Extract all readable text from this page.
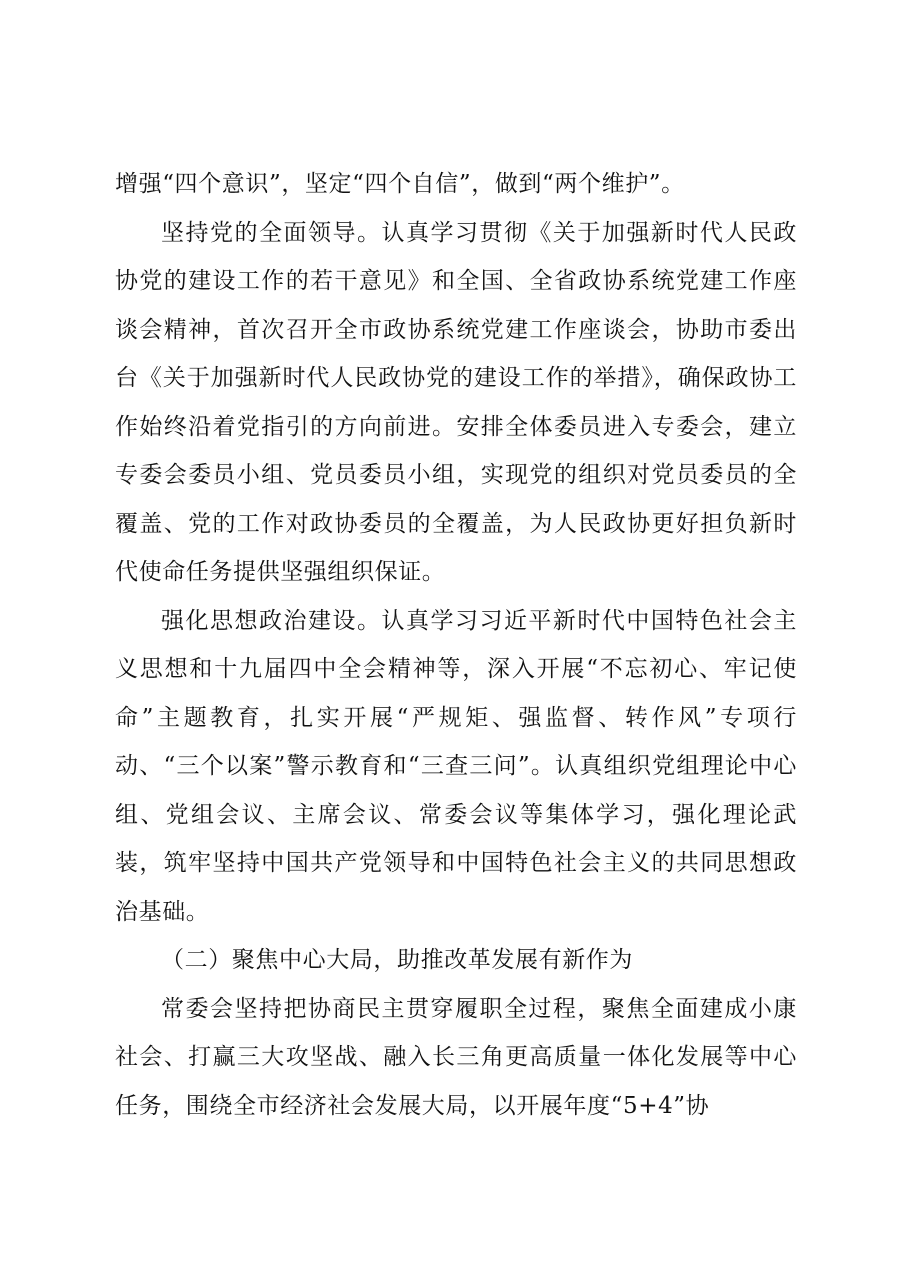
增强“四个意识”，坚定“四个自信”，做到“两个维护”。

坚持党的全面领导。认真学习贯彻《关于加强新时代人民政协党的建设工作的若干意见》和全国、全省政协系统党建工作座谈会精神，首次召开全市政协系统党建工作座谈会，协助市委出台《关于加强新时代人民政协党的建设工作的举措》，确保政协工作始终沿着党指引的方向前进。安排全体委员进入专委会，建立专委会委员小组、党员委员小组，实现党的组织对党员委员的全覆盖、党的工作对政协委员的全覆盖，为人民政协更好担负新时代使命任务提供坚强组织保证。

强化思想政治建设。认真学习习近平新时代中国特色社会主义思想和十九届四中全会精神等，深入开展“不忘初心、牢记使命”主题教育，扎实开展“严规矩、强监督、转作风”专项行动、“三个以案”警示教育和“三查三问”。认真组织党组理论中心组、党组会议、主席会议、常委会议等集体学习，强化理论武装，筑牢坚持中国共产党领导和中国特色社会主义的共同思想政治基础。

（二）聚焦中心大局，助推改革发展有新作为

常委会坚持把协商民主贯穿履职全过程，聚焦全面建成小康社会、打赢三大攻坚战、融入长三角更高质量一体化发展等中心任务，围绕全市经济社会发展大局，以开展年度“5+4”协
